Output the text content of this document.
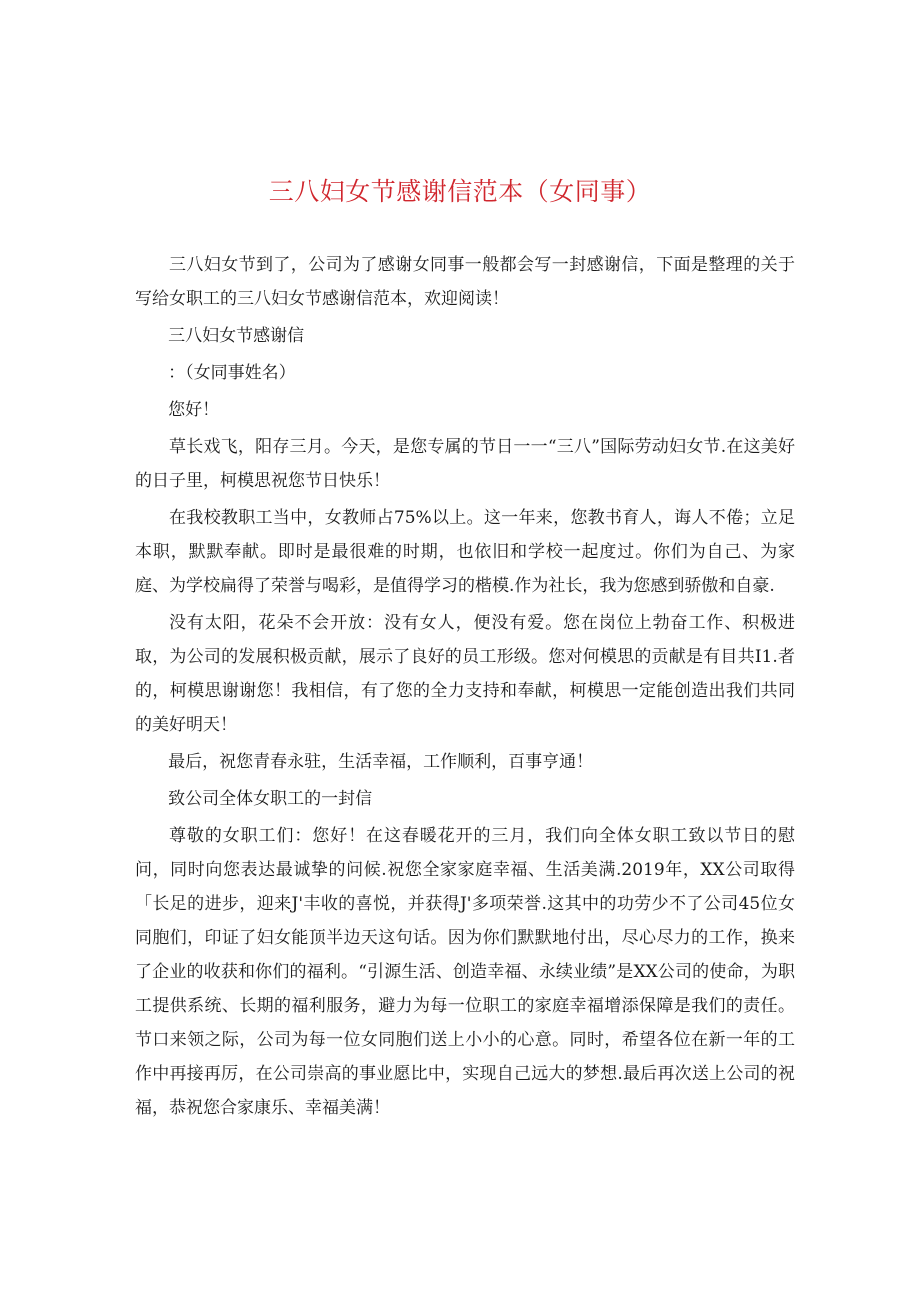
三八妇女节感谢信范本（女同事）

三八妇女节到了，公司为了感谢女同事一般都会写一封感谢信，下面是整理的关于写给女职工的三八妇女节感谢信范本，欢迎阅读！

三八妇女节感谢信

：（女同事姓名）

您好！

草长戏飞，阳存三月。今天，是您专属的节日一一“三八”国际劳动妇女节.在这美好的日子里，柯模思祝您节日快乐！

在我校教职工当中，女教师占75%以上。这一年来，您教书育人，诲人不倦；立足本职，默默奉献。即时是最很难的时期，也依旧和学校一起度过。你们为自己、为家庭、为学校扁得了荣誉与喝彩，是值得学习的楷模.作为社长，我为您感到骄傲和自豪.

没有太阳，花朵不会开放：没有女人，便没有爱。您在岗位上勃奋工作、积极进取，为公司的发展积极贡献，展示了良好的员工形级。您对何模思的贡献是有目共I1.者的，柯模思谢谢您！我相信，有了您的全力支持和奉献，柯模思一定能创造出我们共同的美好明天！

最后，祝您青春永驻，生活幸福，工作顺利，百事亨通！

致公司全体女职工的一封信

尊敬的女职工们：您好！在这春暖花开的三月，我们向全体女职工致以节日的慰问，同时向您表达最诚挚的问候.祝您全家家庭幸福、生活美满.2019年，XX公司取得「长足的进步，迎来J'丰收的喜悦，并获得J'多项荣誉.这其中的功劳少不了公司45位女同胞们，印证了妇女能顶半边天这句话。因为你们默默地付出，尽心尽力的工作，换来了企业的收获和你们的福利。“引源生活、创造幸福、永续业绩”是XX公司的使命，为职工提供系统、长期的福利服务，避力为每一位职工的家庭幸福增添保障是我们的责任。节口来领之际，公司为每一位女同胞们送上小小的心意。同时，希望各位在新一年的工作中再接再厉，在公司崇高的事业愿比中，实现自己远大的梦想.最后再次送上公司的祝福，恭祝您合家康乐、幸福美满！
